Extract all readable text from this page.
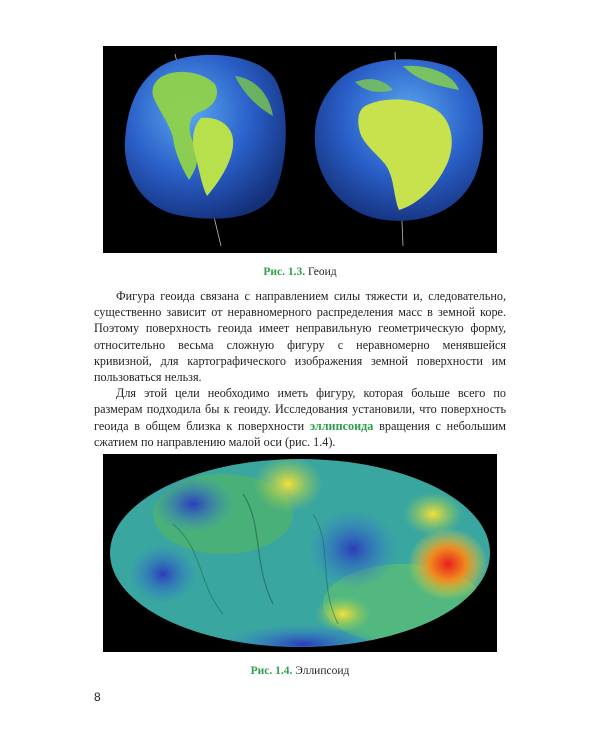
Рис. 1.3. Геоид

Фигура геоида связана с направлением силы тяжести и, следовательно, существенно зависит от неравномерного распределения масс в земной коре. Поэтому поверхность геоида имеет неправильную геометрическую форму, относительно весьма сложную фигуру с неравномерно менявшейся кривизной, для картографического изображения земной поверхности им пользоваться нельзя.

Для этой цели необходимо иметь фигуру, которая больше всего по размерам подходила бы к геоиду. Исследования установили, что поверхность геоида в общем близка к поверхности эллипсоида вращения с небольшим сжатием по направлению малой оси (рис. 1.4).

Рис. 1.4. Эллипсоид
8
